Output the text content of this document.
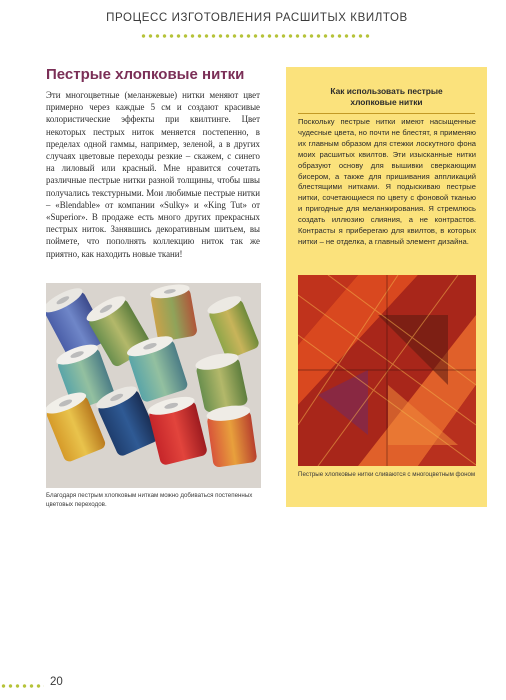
ПРОЦЕСС ИЗГОТОВЛЕНИЯ РАСШИТЫХ КВИЛТОВ
Пестрые хлопковые нитки

Эти многоцветные (меланжевые) нитки меняют цвет примерно через каждые 5 см и создают красивые колористические эффекты при квилтинге. Цвет некоторых пестрых ниток меняется постепенно, в пределах одной гаммы, например, зеленой, а в других случаях цветовые переходы резкие – скажем, с синего на лиловый или красный. Мне нравится сочетать различные пестрые нитки разной толщины, чтобы швы получались текстурными. Мои любимые пестрые нитки – «Blendable» от компании «Sulky» и «King Tut» от «Superior». В продаже есть много других прекрасных пестрых ниток. Занявшись декоративным шитьем, вы поймете, что пополнять коллекцию ниток так же приятно, как находить новые ткани!

Благодаря пестрым хлопковым ниткам можно добиваться постепенных цветовых переходов.
Как использовать пестрые хлопковые нитки
Поскольку пестрые нитки имеют насыщенные чудесные цвета, но почти не блестят, я применяю их главным образом для стежки лоскутного фона моих расшитых квилтов. Эти изысканные нитки образуют основу для вышивки сверкающим бисером, а также для пришивания аппликаций блестящими нитками. Я подыскиваю пестрые нитки, сочетающиеся по цвету с фоновой тканью и пригодные для меланжирования. Я стремлюсь создать иллюзию слияния, а не контрастов. Контрасты я приберегаю для квилтов, в которых нитки – не отделка, а главный элемент дизайна.
Пестрые хлопковые нитки сливаются с многоцветным фоном
20
